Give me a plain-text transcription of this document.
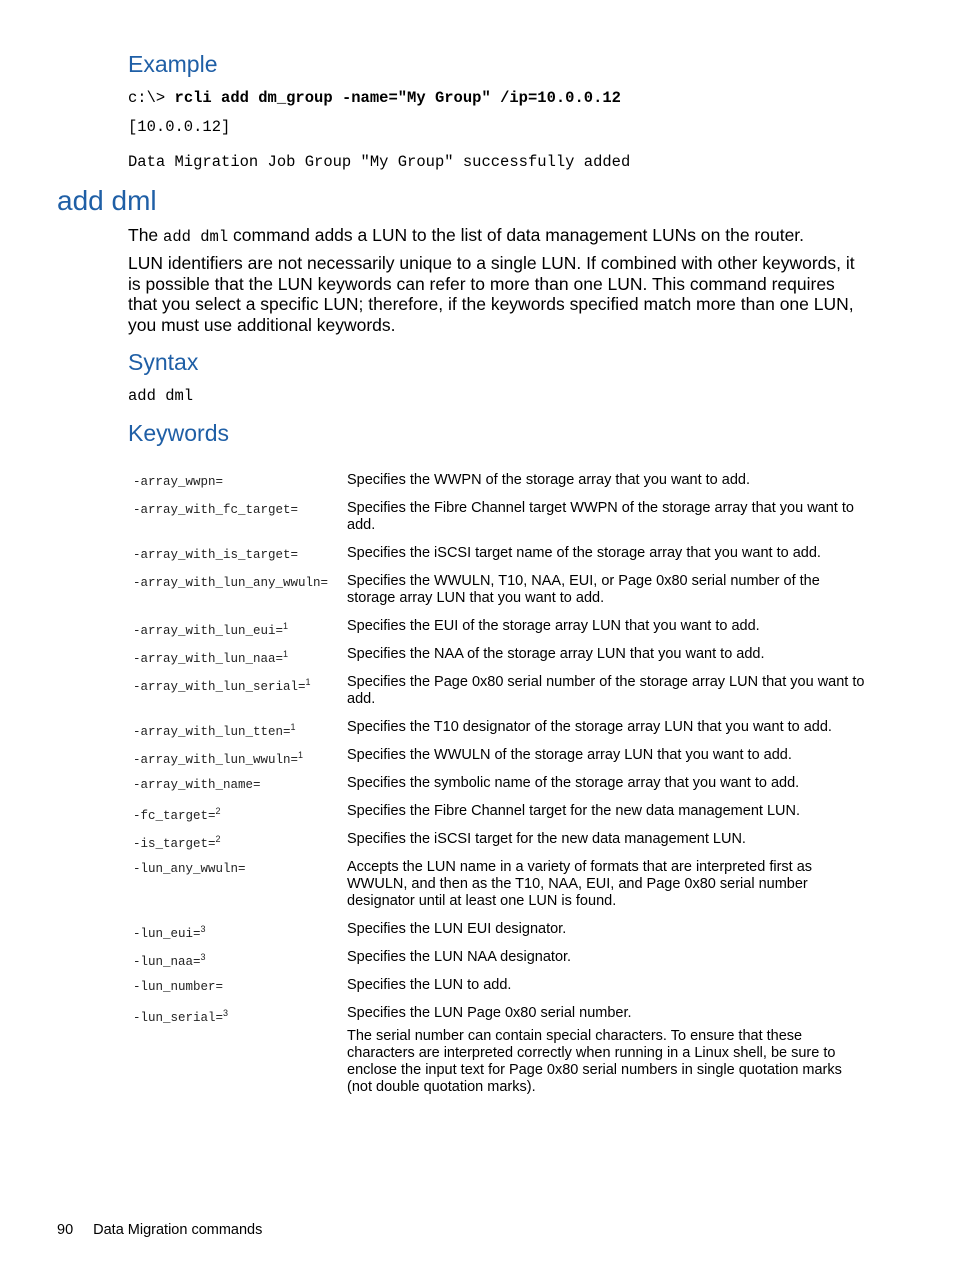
Example
c:\> rcli add dm_group -name="My Group" /ip=10.0.0.12
[10.0.0.12]
Data Migration Job Group "My Group" successfully added
add dml
The add dml command adds a LUN to the list of data management LUNs on the router.
LUN identifiers are not necessarily unique to a single LUN. If combined with other keywords, it is possible that the LUN keywords can refer to more than one LUN. This command requires that you select a specific LUN; therefore, if the keywords specified match more than one LUN, you must use additional keywords.
Syntax
add dml
Keywords
-array_wwpn=	Specifies the WWPN of the storage array that you want to add.
-array_with_fc_target=	Specifies the Fibre Channel target WWPN of the storage array that you want to add.
-array_with_is_target=	Specifies the iSCSI target name of the storage array that you want to add.
-array_with_lun_any_wwuln=	Specifies the WWULN, T10, NAA, EUI, or Page 0x80 serial number of the storage array LUN that you want to add.
-array_with_lun_eui=$^1$	Specifies the EUI of the storage array LUN that you want to add.
-array_with_lun_naa=$^1$	Specifies the NAA of the storage array LUN that you want to add.
-array_with_lun_serial=$^1$	Specifies the Page 0x80 serial number of the storage array LUN that you want to add.
-array_with_lun_tten=$^1$	Specifies the T10 designator of the storage array LUN that you want to add.
-array_with_lun_wwuln=$^1$	Specifies the WWULN of the storage array LUN that you want to add.
-array_with_name=	Specifies the symbolic name of the storage array that you want to add.
-fc_target=$^2$	Specifies the Fibre Channel target for the new data management LUN.
-is_target=$^2$	Specifies the iSCSI target for the new data management LUN.
-lun_any_wwuln=	Accepts the LUN name in a variety of formats that are interpreted first as WWULN, and then as the T10, NAA, EUI, and Page 0x80 serial number designator until at least one LUN is found.
-lun_eui=$^3$	Specifies the LUN EUI designator.
-lun_naa=$^3$	Specifies the LUN NAA designator.
-lun_number=	Specifies the LUN to add.
-lun_serial=$^3$	Specifies the LUN Page 0x80 serial number.
The serial number can contain special characters. To ensure that these characters are interpreted correctly when running in a Linux shell, be sure to enclose the input text for Page 0x80 serial numbers in single quotation marks (not double quotation marks).
90 Data Migration commands
